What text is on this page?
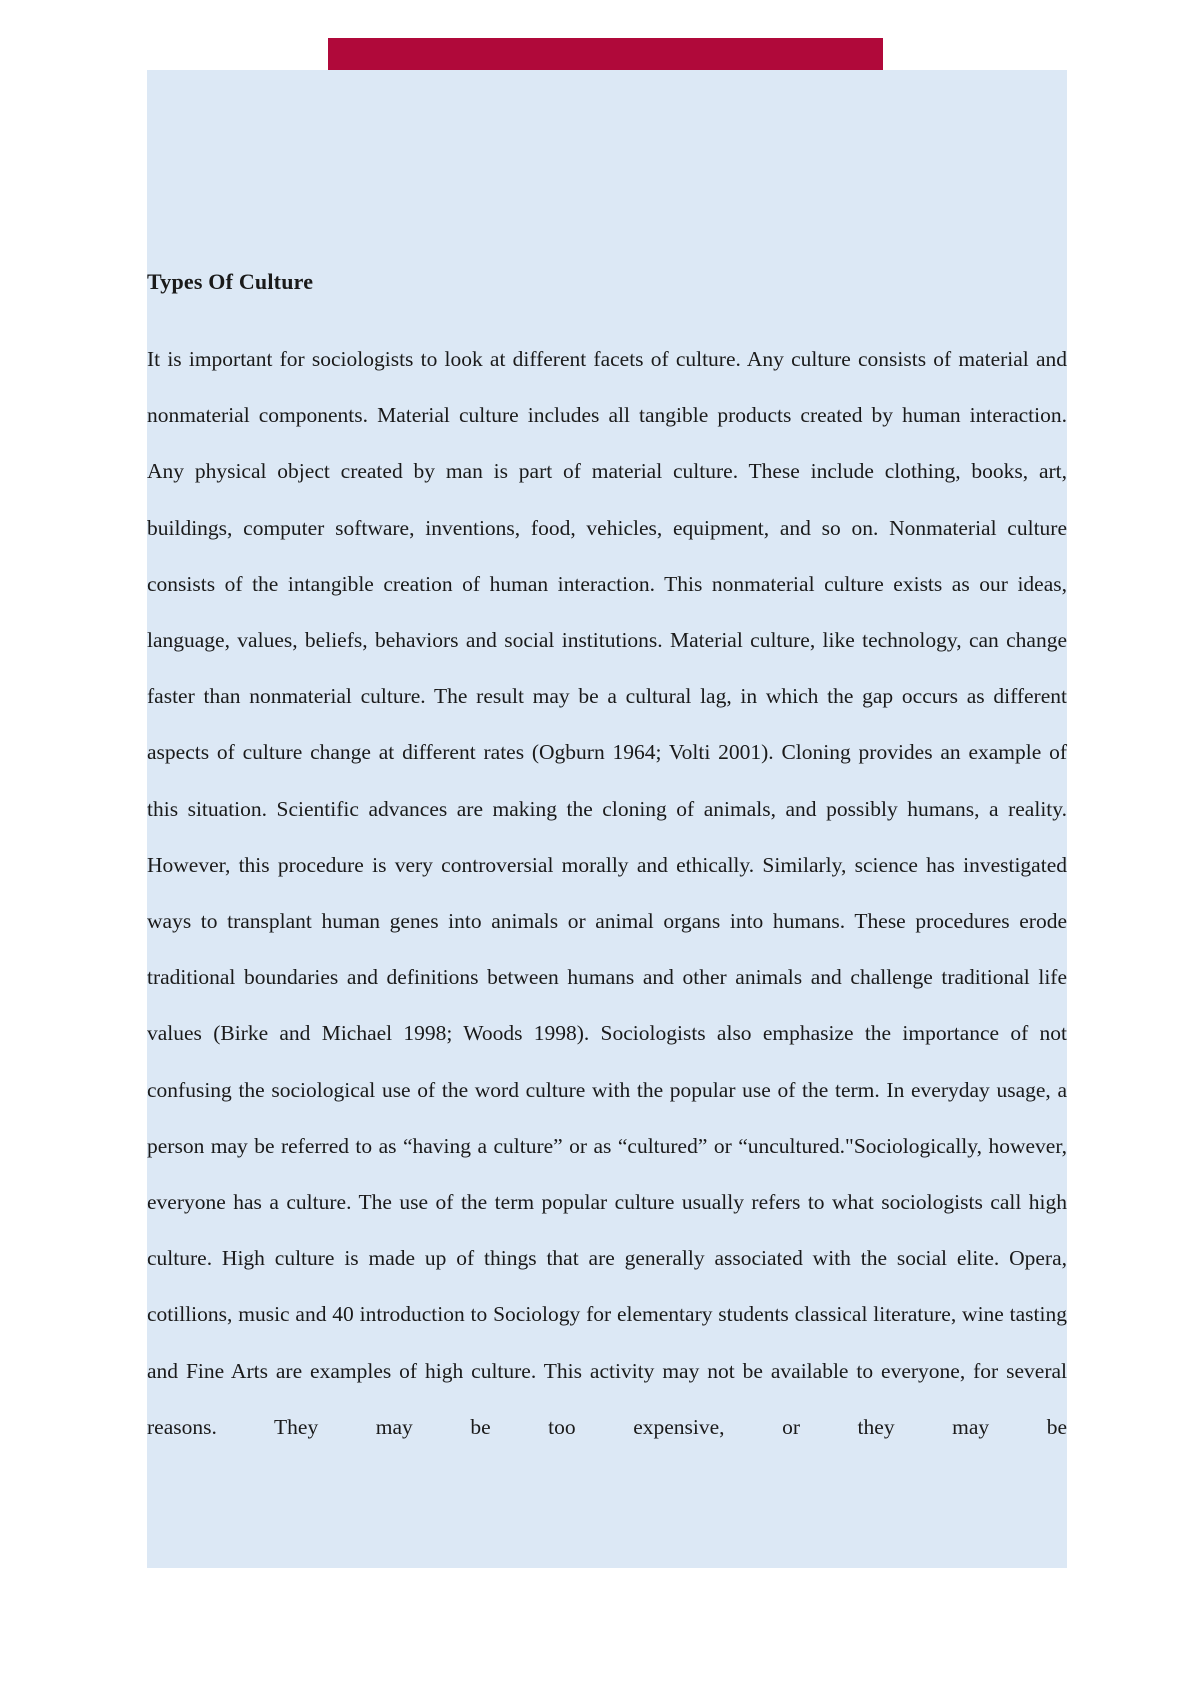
Types Of Culture

It is important for sociologists to look at different facets of culture. Any culture consists of material and nonmaterial components. Material culture includes all tangible products created by human interaction. Any physical object created by man is part of material culture. These include clothing, books, art, buildings, computer software, inventions, food, vehicles, equipment, and so on. Nonmaterial culture consists of the intangible creation of human interaction. This nonmaterial culture exists as our ideas, language, values, beliefs, behaviors and social institutions. Material culture, like technology, can change faster than nonmaterial culture. The result may be a cultural lag, in which the gap occurs as different aspects of culture change at different rates (Ogburn 1964; Volti 2001). Cloning provides an example of this situation. Scientific advances are making the cloning of animals, and possibly humans, a reality. However, this procedure is very controversial morally and ethically. Similarly, science has investigated ways to transplant human genes into animals or animal organs into humans. These procedures erode traditional boundaries and definitions between humans and other animals and challenge traditional life values (Birke and Michael 1998; Woods 1998). Sociologists also emphasize the importance of not confusing the sociological use of the word culture with the popular use of the term. In everyday usage, a person may be referred to as “having a culture” or as “cultured” or “uncultured."Sociologically, however, everyone has a culture. The use of the term popular culture usually refers to what sociologists call high culture. High culture is made up of things that are generally associated with the social elite. Opera, cotillions, music and 40 introduction to Sociology for elementary students classical literature, wine tasting and Fine Arts are examples of high culture. This activity may not be available to everyone, for several reasons. They may be too expensive, or they may be
